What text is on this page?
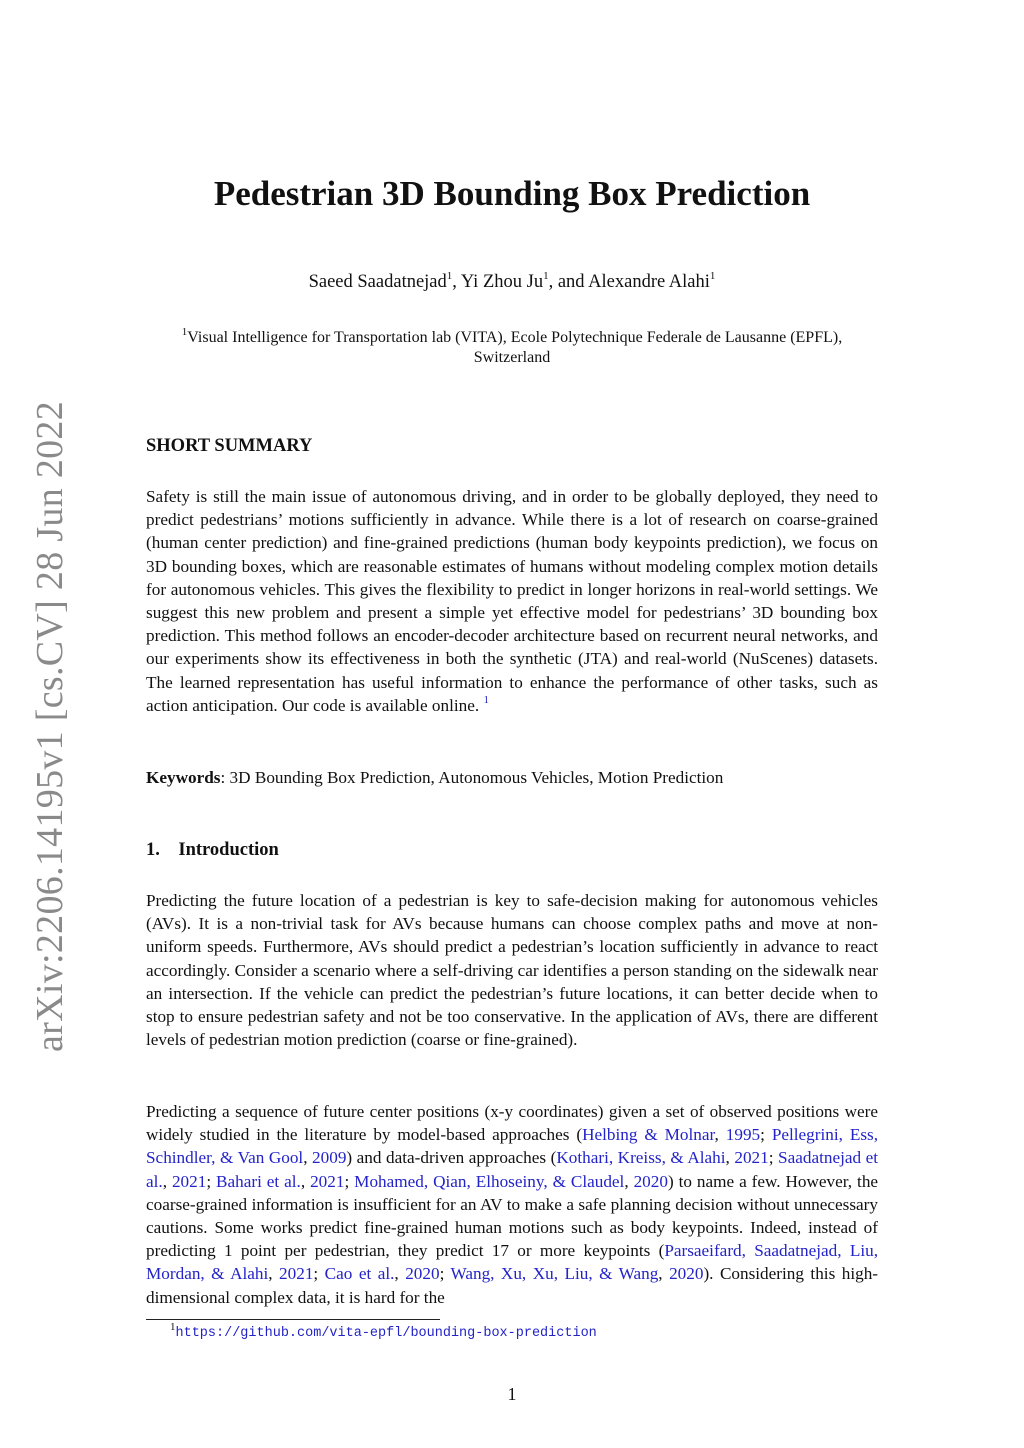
arXiv:2206.14195v1 [cs.CV] 28 Jun 2022
Pedestrian 3D Bounding Box Prediction
Saeed Saadatnejad$^1$, Yi Zhou Ju$^1$, and Alexandre Alahi$^1$
$^1$Visual Intelligence for Transportation lab (VITA), Ecole Polytechnique Federale de Lausanne (EPFL),
Switzerland
SHORT SUMMARY

Safety is still the main issue of autonomous driving, and in order to be globally deployed, they need to predict pedestrians’ motions sufficiently in advance. While there is a lot of research on coarse-grained (human center prediction) and fine-grained predictions (human body keypoints prediction), we focus on 3D bounding boxes, which are reasonable estimates of humans without modeling complex motion details for autonomous vehicles. This gives the flexibility to predict in longer horizons in real-world settings. We suggest this new problem and present a simple yet effective model for pedestrians’ 3D bounding box prediction. This method follows an encoder-decoder architecture based on recurrent neural networks, and our experiments show its effectiveness in both the synthetic (JTA) and real-world (NuScenes) datasets. The learned representation has useful information to enhance the performance of other tasks, such as action anticipation. Our code is available online. $^1$

Keywords: 3D Bounding Box Prediction, Autonomous Vehicles, Motion Prediction

1. Introduction

Predicting the future location of a pedestrian is key to safe-decision making for autonomous vehicles (AVs). It is a non-trivial task for AVs because humans can choose complex paths and move at non-uniform speeds. Furthermore, AVs should predict a pedestrian’s location sufficiently in advance to react accordingly. Consider a scenario where a self-driving car identifies a person standing on the sidewalk near an intersection. If the vehicle can predict the pedestrian’s future locations, it can better decide when to stop to ensure pedestrian safety and not be too conservative. In the application of AVs, there are different levels of pedestrian motion prediction (coarse or fine-grained).

Predicting a sequence of future center positions (x-y coordinates) given a set of observed positions were widely studied in the literature by model-based approaches (Helbing & Molnar, 1995; Pellegrini, Ess, Schindler, & Van Gool, 2009) and data-driven approaches (Kothari, Kreiss, & Alahi, 2021; Saadatnejad et al., 2021; Bahari et al., 2021; Mohamed, Qian, Elhoseiny, & Claudel, 2020) to name a few. However, the coarse-grained information is insufficient for an AV to make a safe planning decision without unnecessary cautions. Some works predict fine-grained human motions such as body keypoints. Indeed, instead of predicting 1 point per pedestrian, they predict 17 or more keypoints (Parsaeifard, Saadatnejad, Liu, Mordan, & Alahi, 2021; Cao et al., 2020; Wang, Xu, Xu, Liu, & Wang, 2020). Considering this high-dimensional complex data, it is hard for the

$^1$https://github.com/vita-epfl/bounding-box-prediction
1
